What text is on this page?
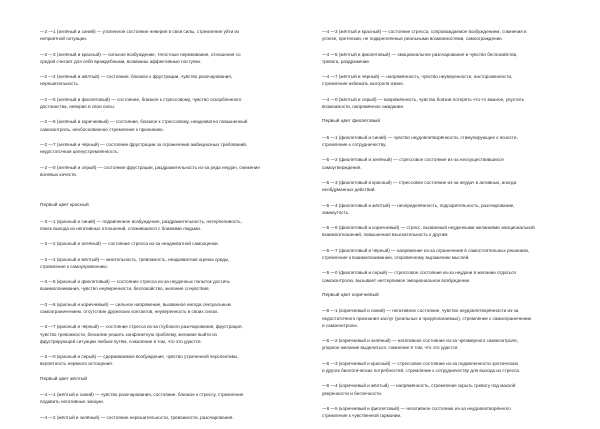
—2 —1 (зелёный и синий) — утиленное состояние неверия в свои силы, стремление уйти из
неприятной ситуации.
—2 —3 (зелёный и красный) — сильное возбуждение, тягостные переживания, отношения со
средой считает для себя враждебными, возможны аффективные поступки.
—2 —4 (зелёный и жёлтый) — состояние, близкое к фрустрации, чувство разочарования,
нерешительность.
—2 —5 (зелёный и фиолетовый) — состояние, близкое к стрессовому, чувство оскорбленного
достоинства, неверие в свои силы.
—2 —6 (зелёный и коричневый) — состояние, близкое к стрессовому, неадекватно повышенный
самоконтроль, необоснованное стремление к признанию.
—2 —7 (зелёный и чёрный) — состояние фрустрации за ограничения амбициозных требований,
недостаточная целеустремлённость.
—2 —0 (зелёный и серый) — состояние фрустрации, раздражительность из-за ряда неудач, снижение
волевых качеств.
Первый цвет красный
—3 —1 (красный и синий) — подавленное возбуждение, раздражительность, нетерпеливость,
поиск выхода из негативных отношений, сложившихся с близкими людьми.
—3 —2 (красный и зелёный) — состояние стресса из-за неадекватной самооценки.
—3 —4 (красный и жёлтый) — мнительность, тревожность, неадекватная оценка среды,
стремление к самоуправлению.
—3 —5 (красный и фиолетовый) — состояние стресса из-за неудачных попыток достичь
взаимопонимания, чувство неуверенности, беспокойство, желание сочувствия.
—3 —6 (красный и коричневый) — сильное напряжение, вызванное иногда сексуальным
самоограничением, отсутствие дружеских контактов, неуверенность в своих силах.
—3 —7 (красный и чёрный) — состояние стресса из-за глубокого разочарования, фрустрация,
чувство тревожности, безсилие решить конфликтную проблему, желание выйти из
фрустрирующей ситуации любым путём, сожаление в том, что это удастся.
—3 —0 (красный и серый) — сдерживаемое возбуждение, чувство утраченной перспективы,
вероятность нервного истощения.
Первый цвет жёлтый
—4 —1 (жёлтый и синий) — чувство разочарования, состояние, близкое к стрессу, стремление
подавить негативные эмоции.
—4 —2 (жёлтый и зелёный) — состояние нерешительности, тревожности, разочарования.
—4 —3 (жёлтый и красный) — состояние стресса, сопровождаемое возбуждением, сомнения в
успехе, претензии, не подкреплённые реальными возможностями, самоограждение.
—4 —5 (жёлтый и фиолетовый) — эмоциональное разочарование и чувство беспокойства,
тревога, раздражение.
—4 —7 (жёлтый и чёрный) — напряжённость, чувство неуверенности, настороженности,
стремление избежать контроля извне.
—4 —0 (жёлтый и серый) — напряжённость, чувство боязни потерять что-то важное, упустить
возможности, напряжённое ожидание.
Первый цвет фиолетовый
—5 —1 (фиолетовый и синий) — чувство неудовлетворённости, стимулирующее к ясности,
стремление к сотрудничеству.
—5 —2 (фиолетовый и зелёный) — стрессовое состояние из-за неосуществившихся
самоутверждения.
—5 —3 (фиолетовый и красный) — стрессовое состояние из-за неудач в активных, иногда
необдуманных действий.
—5 —4 (фиолетовый и жёлтый) — неопределённость, подозрительность, разочарование,
замкнутость.
—5 —6 (фиолетовый и коричневый) — стресс, вызванный неудачными желаниями эмоциональной
взаимоотношений, повышенная взыскательность к другим.
—5 —7 (фиолетовый и чёрный) — напряжение из-за ограничения в самостоятельных решениях,
стремление к взаимопониманию, откровенному выражению мыслей.
—5 —0 (фиолетовый и серый) — стрессовое состояние из-за неудачи в желании отдаться
самоконтролю, вызывает нестерпимое эмоциональное возбуждение.
Первый цвет коричневый
—6 —1 (коричневый и синий) — негативное состояние, чувство неудовлетворённости из-за
недостаточного признания заслуг (реальных и предполагаемых), стремление к самоограничению
и самоконтролю.
—6 —2 (коричневый и зелёный) — негативное состояние из-за чрезмерного самоконтроля,
упорное желание выделиться, сомнение в том, что это удастся.
—6 —3 (коричневый и красный) — стрессовое состояние из-за подавленности эротических
и других биологических потребностей, стремление к сотрудничеству для выхода из стресса.
—6 —4 (коричневый и жёлтый) — напряжённость, стремление скрыть тревогу под маской
уверенности и беспечности.
—6 —5 (коричневый и фиолетовый) — негативное состояние из-за неудовлетворённого
стремления к чувственной гармонии.
